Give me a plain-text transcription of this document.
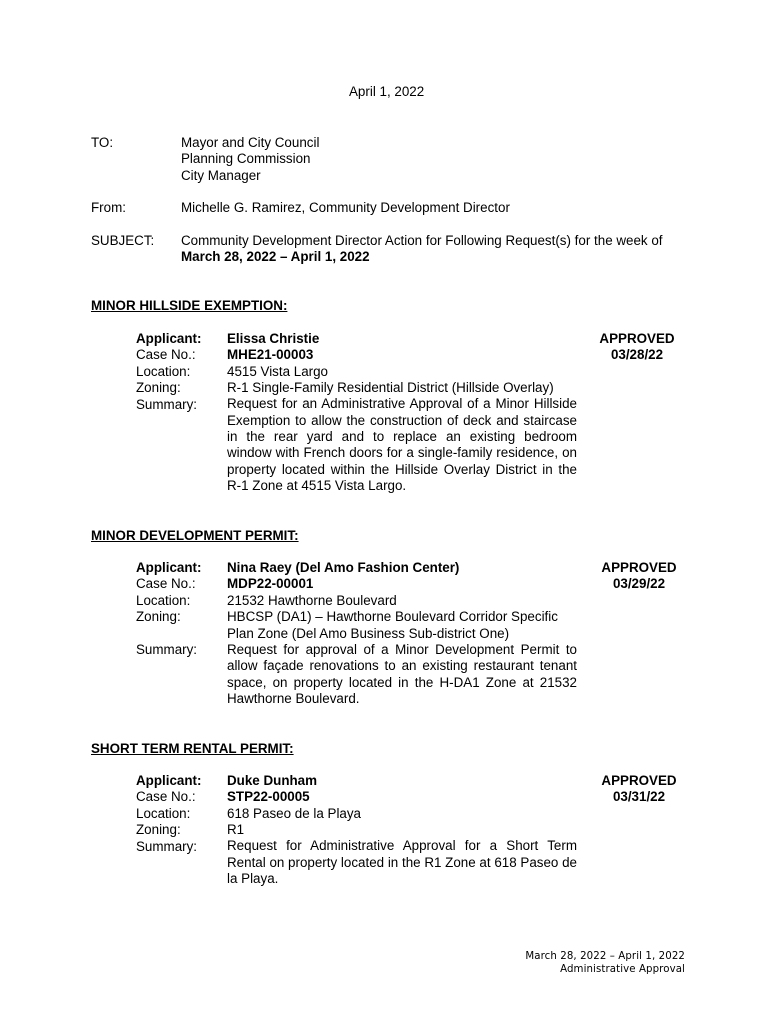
April 1, 2022
TO:	Mayor and City Council
Planning Commission
City Manager
From:	Michelle G. Ramirez, Community Development Director
SUBJECT: Community Development Director Action for Following Request(s) for the week of
March 28, 2022 – April 1, 2022
MINOR HILLSIDE EXEMPTION:
Applicant:
Case No.:
Location:
Zoning:
Summary:
Elissa Christie
MHE21-00003
4515 Vista Largo
R-1 Single-Family Residential District (Hillside Overlay)
Request for an Administrative Approval of a Minor Hillside Exemption to allow the construction of deck and staircase in the rear yard and to replace an existing bedroom window with French doors for a single-family residence, on property located within the Hillside Overlay District in the R-1 Zone at 4515 Vista Largo.
APPROVED
03/28/22
MINOR DEVELOPMENT PERMIT:
Applicant:
Case No.:
Location:
Zoning:
Summary:
Nina Raey (Del Amo Fashion Center)
MDP22-00001
21532 Hawthorne Boulevard
HBCSP (DA1) – Hawthorne Boulevard Corridor Specific
Plan Zone (Del Amo Business Sub-district One)
Request for approval of a Minor Development Permit to allow façade renovations to an existing restaurant tenant space, on property located in the H-DA1 Zone at 21532 Hawthorne Boulevard.
APPROVED
03/29/22
SHORT TERM RENTAL PERMIT:
Applicant:
Case No.:
Location:
Zoning:
Summary:
Duke Dunham
STP22-00005
618 Paseo de la Playa
R1
Request for Administrative Approval for a Short Term Rental on property located in the R1 Zone at 618 Paseo de la Playa.
APPROVED
03/31/22
March 28, 2022 – April 1, 2022
Administrative Approval
